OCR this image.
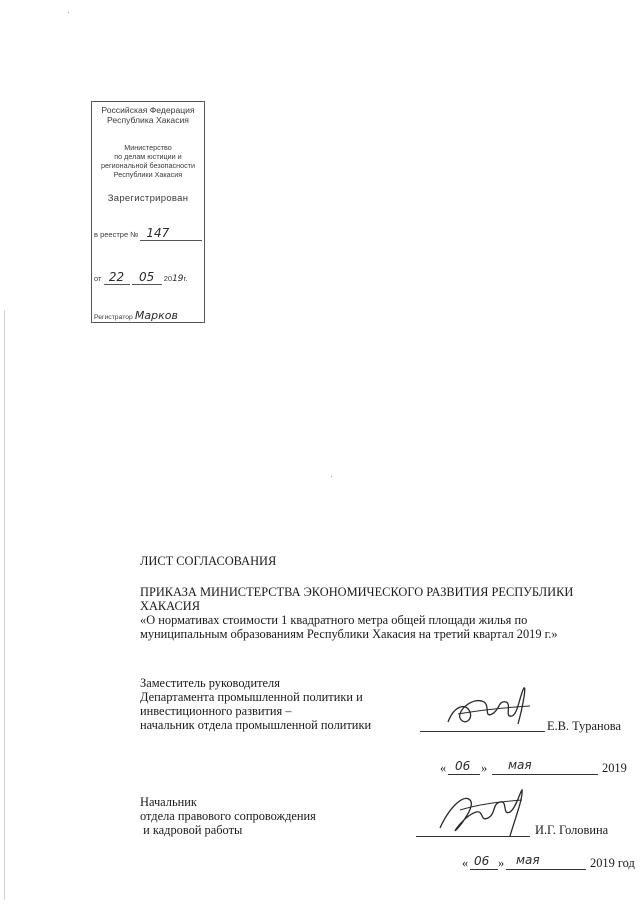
Российская Федерация
Республика Хакасия
Министерство
по делам юстиции и
региональной безопасности
Республики Хакасия
Зарегистрирован
в реестре № 147
от 22 05 2019г.
Регистратор Марков
ЛИСТ СОГЛАСОВАНИЯ
ПРИКАЗА МИНИСТЕРСТВА ЭКОНОМИЧЕСКОГО РАЗВИТИЯ РЕСПУБЛИКИ
ХАКАСИЯ
«О нормативах стоимости 1 квадратного метра общей площади жилья по
муниципальным образованиям Республики Хакасия на третий квартал 2019 г.»
Заместитель руководителя
Департамента промышленной политики и
инвестиционного развития –
начальник отдела промышленной политики	Е.В. Туранова
« 06 » мая	2019
Начальник
отдела правового сопровождения
и кадровой работы	И.Г. Головина
« 06 » мая	2019 год
